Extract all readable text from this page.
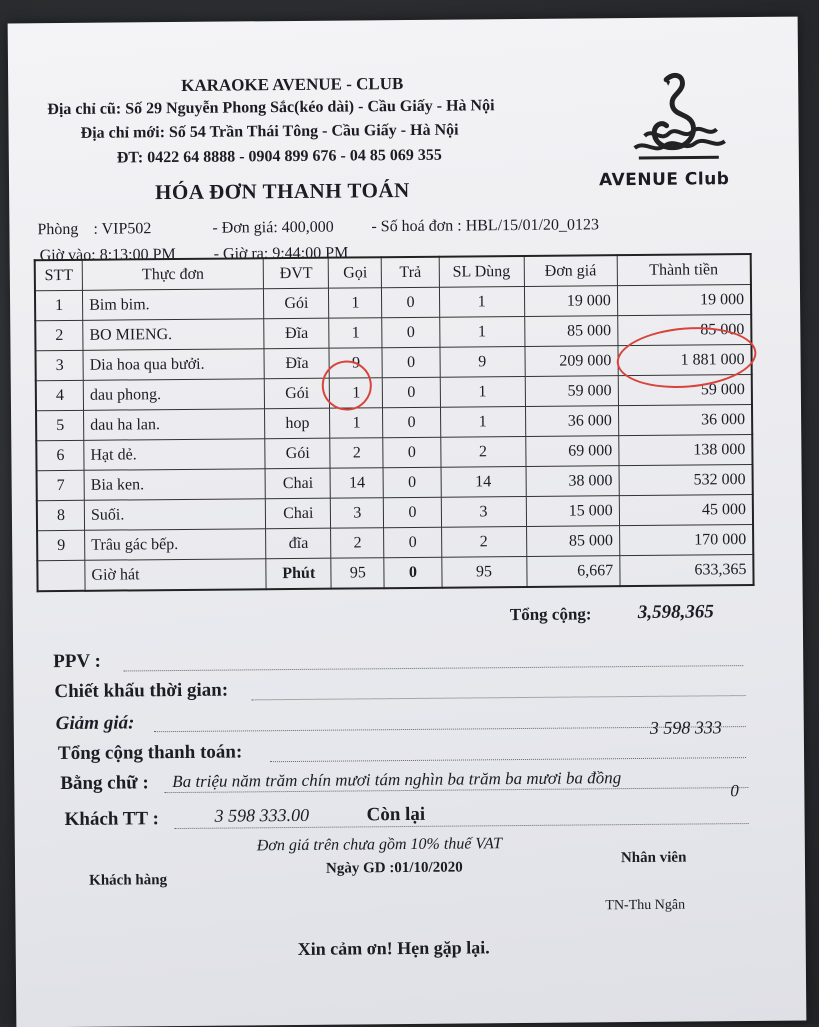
KARAOKE AVENUE - CLUB
Địa chỉ cũ: Số 29 Nguyễn Phong Sắc(kéo dài) - Cầu Giấy - Hà Nội
Địa chỉ mới: Số 54 Trần Thái Tông - Cầu Giấy - Hà Nội
ĐT: 0422 64 8888 - 0904 899 676 - 04 85 069 355
HÓA ĐƠN THANH TOÁN	AVENUE Club
Phòng : VIP502	- Đơn giá: 400,000 - Số hoá đơn : HBL/15/01/20_0123
Giờ vào: 8:13:00 PM - Giờ ra: 9:44:00 PM
STT	Thực đơn	ĐVT	Gọi	Trả	SL Dùng	Đơn giá	Thành tiền
1	Bim bim.	Gói	1	0	1	19 000	19 000
2	BO MIENG.	Đĩa	1	0	1	85 000	85 000
3	Dia hoa qua bưởi.	Đĩa	9	0	9	209 000	1 881 000
4	dau phong.	Gói	1	0	1	59 000	59 000
5	dau ha lan.	hop	1	0	1	36 000	36 000
6	Hạt dẻ.	Gói	2	0	2	69 000	138 000
7	Bia ken.	Chai	14	0	14	38 000	532 000
8	Suối.	Chai	3	0	3	15 000	45 000
9	Trâu gác bếp.	đĩa	2	0	2	85 000	170 000
	Giờ hát	Phút	95	0	95	6,667	633,365
Tổng cộng: 3,598,365
PPV :
Chiết khấu thời gian:
Giảm giá:	3 598 333
Tổng cộng thanh toán:
Bằng chữ : Ba triệu năm trăm chín mươi tám nghìn ba trăm ba mươi ba đồng	0
Khách TT :	3 598 333.00	Còn lại
Đơn giá trên chưa gồm 10% thuế VAT
Ngày GD :01/10/2020
Khách hàng
Nhân viên
TN-Thu Ngân
Xin cảm ơn! Hẹn gặp lại.
